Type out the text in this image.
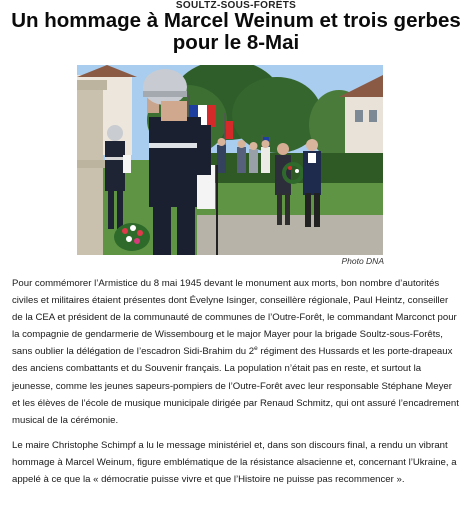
SOULTZ-SOUS-FORÊTS
Un hommage à Marcel Weinum et trois gerbes
pour le 8-Mai
Photo DNA

Pour commémorer l’Armistice du 8 mai 1945 devant le monument aux morts, bon nombre d’autorités civiles et militaires étaient présentes dont Évelyne Isinger, conseillère régionale, Paul Heintz, conseiller de la CEA et président de la communauté de communes de l’Outre-Forêt, le commandant Marconct pour la compagnie de gendarmerie de Wissembourg et le major Mayer pour la brigade Soultz-sous-Forêts, sans oublier la délégation de l’escadron Sidi-Brahim du 2e régiment des Hussards et les porte-drapeaux des anciens combattants et du Souvenir français. La population n’était pas en reste, et surtout la jeunesse, comme les jeunes sapeurs-pompiers de l’Outre-Forêt avec leur responsable Stéphane Meyer et les élèves de l’école de musique municipale dirigée par Renaud Schmitz, qui ont assuré l’encadrement musical de la cérémonie.

Le maire Christophe Schimpf a lu le message ministériel et, dans son discours final, a rendu un vibrant hommage à Marcel Weinum, figure emblématique de la résistance alsacienne et, concernant l’Ukraine, a appelé à ce que la « démocratie puisse vivre et que l’Histoire ne puisse pas recommencer ».
